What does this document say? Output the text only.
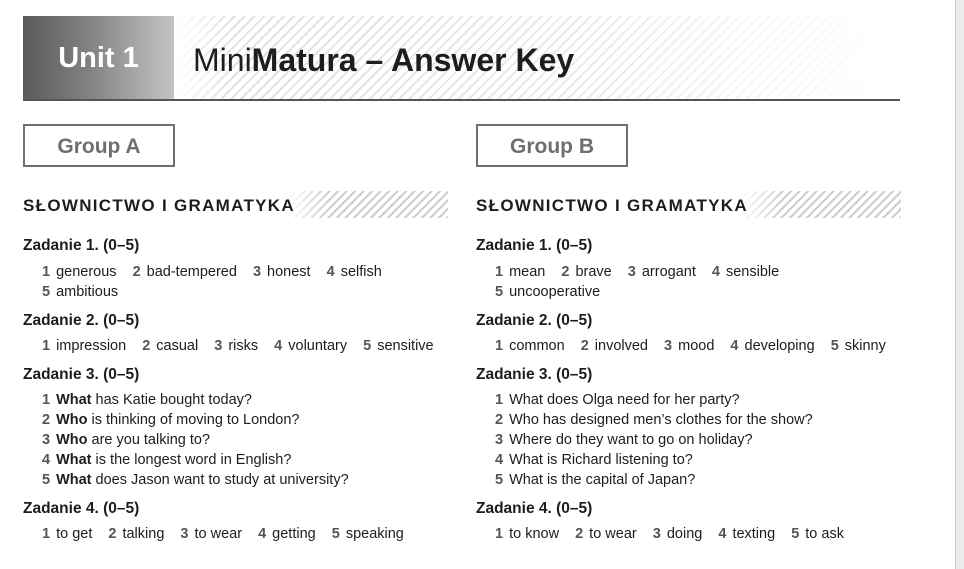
Unit 1	MiniMatura – Answer Key
Group A
SŁOWNICTWO I GRAMATYKA
Zadanie 1. (0–5)
1 generous 2 bad-tempered 3 honest 4 selfish
5 ambitious
Zadanie 2. (0–5)
1 impression 2 casual 3 risks 4 voluntary 5 sensitive
Zadanie 3. (0–5)
1 What has Katie bought today?
2 Who is thinking of moving to London?
3 Who are you talking to?
4 What is the longest word in English?
5 What does Jason want to study at university?
Zadanie 4. (0–5)
1 to get 2 talking 3 to wear 4 getting 5 speaking
Group B
SŁOWNICTWO I GRAMATYKA
Zadanie 1. (0–5)
1 mean 2 brave 3 arrogant 4 sensible
5 uncooperative
Zadanie 2. (0–5)
1 common 2 involved 3 mood 4 developing 5 skinny
Zadanie 3. (0–5)
1 What does Olga need for her party?
2 Who has designed men’s clothes for the show?
3 Where do they want to go on holiday?
4 What is Richard listening to?
5 What is the capital of Japan?
Zadanie 4. (0–5)
1 to know 2 to wear 3 doing 4 texting 5 to ask
